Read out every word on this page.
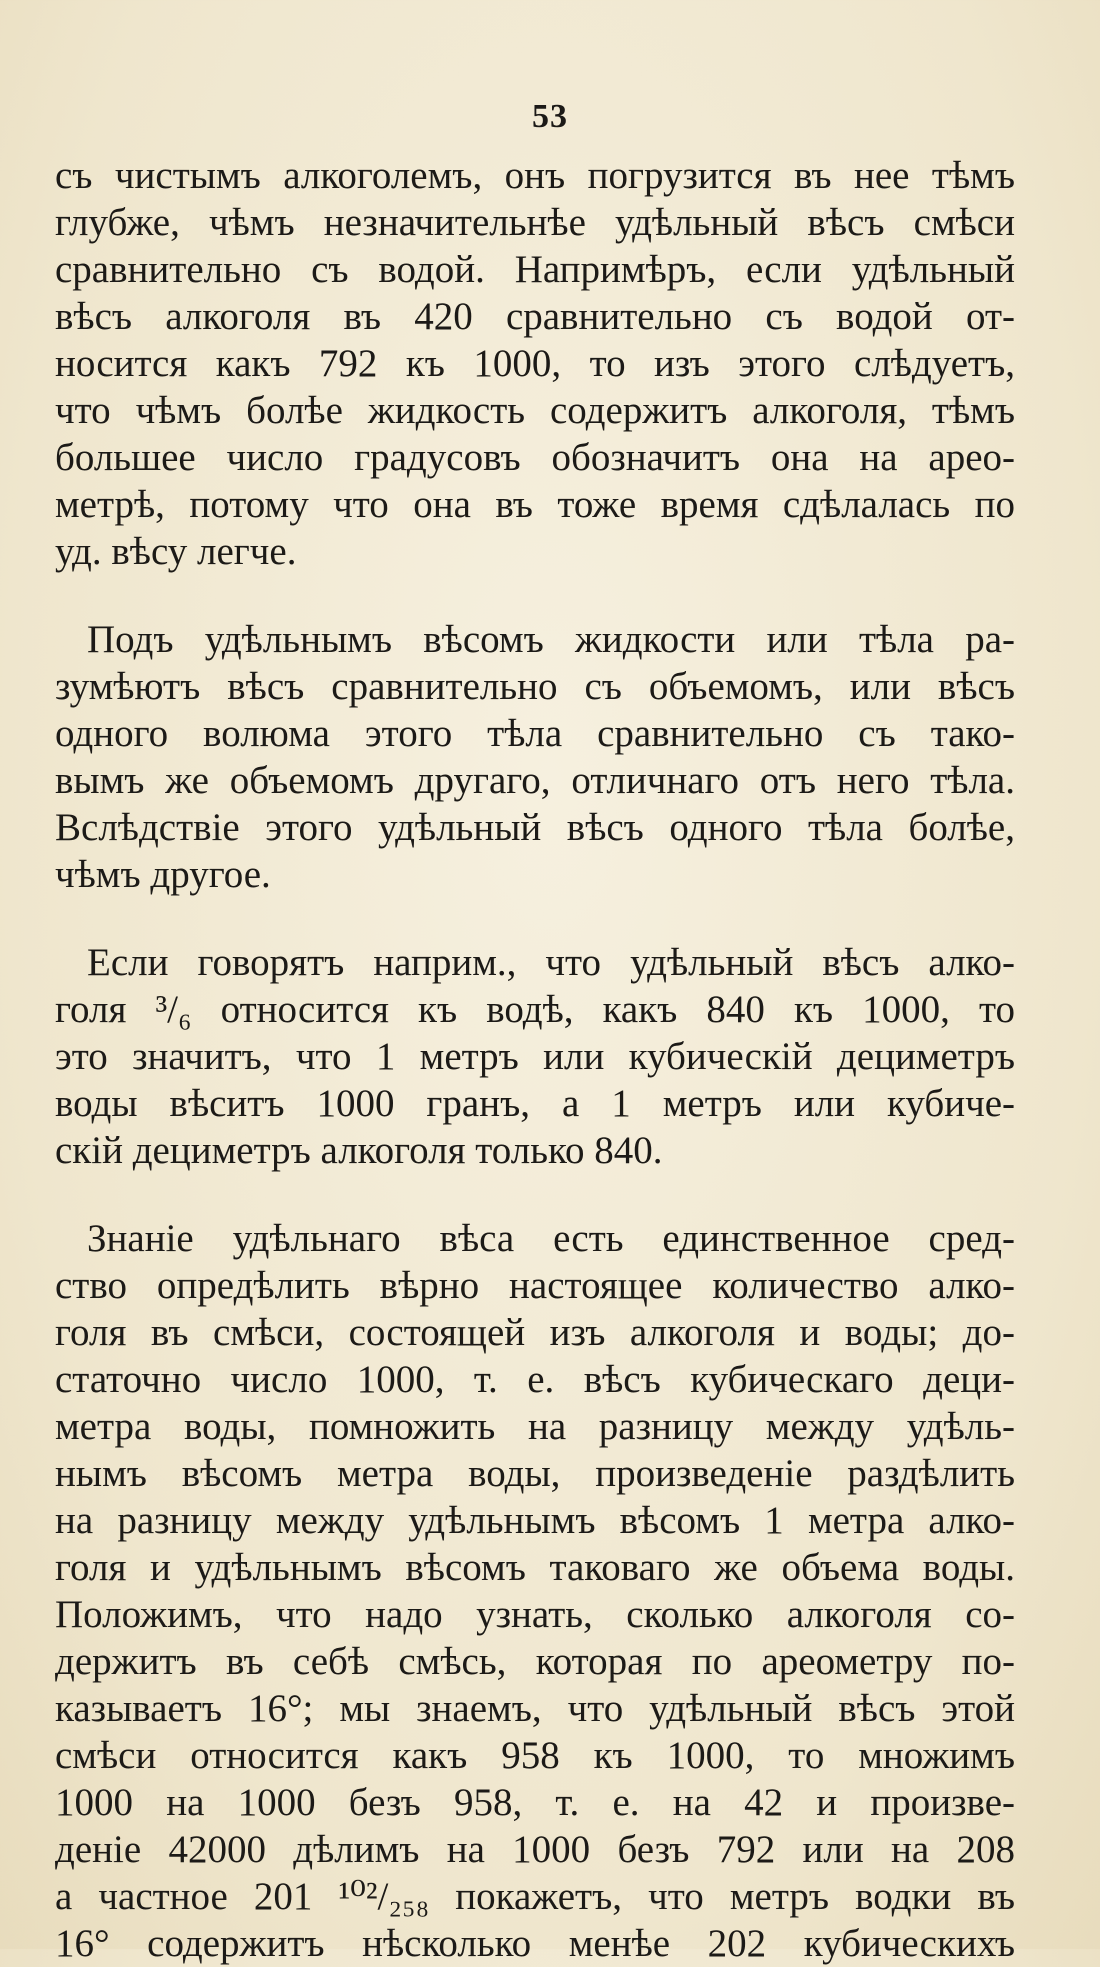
53

съ чистымъ алкоголемъ, онъ погрузится въ нее тѣмъ
глубже, чѣмъ незначительнѣе удѣльный вѣсъ смѣси
сравнительно съ водой. Напримѣръ, если удѣльный
вѣсъ алкоголя въ 420 сравнительно съ водой от-
носится какъ 792 къ 1000, то изъ этого слѣдуетъ,
что чѣмъ болѣе жидкость содержитъ алкоголя, тѣмъ
большее число градусовъ обозначитъ она на арео-
метрѣ, потому что она въ тоже время сдѣлалась по
уд. вѣсу легче.

Подъ удѣльнымъ вѣсомъ жидкости или тѣла ра-
зумѣютъ вѣсъ сравнительно съ объемомъ, или вѣсъ
одного волюма этого тѣла сравнительно съ тако-
вымъ же объемомъ другаго, отличнаго отъ него тѣла.
Вслѣдствіе этого удѣльный вѣсъ одного тѣла болѣе,
чѣмъ другое.

Если говорятъ наприм., что удѣльный вѣсъ алко-
голя ³/₆ относится къ водѣ, какъ 840 къ 1000, то
это значитъ, что 1 метръ или кубическій дециметръ
воды вѣситъ 1000 гранъ, а 1 метръ или кубиче-
скій дециметръ алкоголя только 840.

Знаніе удѣльнаго вѣса есть единственное сред-
ство опредѣлить вѣрно настоящее количество алко-
голя въ смѣси, состоящей изъ алкоголя и воды; до-
статочно число 1000, т. е. вѣсъ кубическаго деци-
метра воды, помножить на разницу между удѣль-
нымъ вѣсомъ метра воды, произведеніе раздѣлить
на разницу между удѣльнымъ вѣсомъ 1 метра алко-
голя и удѣльнымъ вѣсомъ таковаго же объема воды.
Положимъ, что надо узнать, сколько алкоголя со-
держитъ въ себѣ смѣсь, которая по ареометру по-
казываетъ 16°; мы знаемъ, что удѣльный вѣсъ этой
смѣси относится какъ 958 къ 1000, то множимъ
1000 на 1000 безъ 958, т. е. на 42 и произве-
деніе 42000 дѣлимъ на 1000 безъ 792 или на 208
а частное 201 ¹⁰²/₂₅₈ покажетъ, что метръ водки въ
16° содержитъ нѣсколько менѣе 202 кубическихъ
